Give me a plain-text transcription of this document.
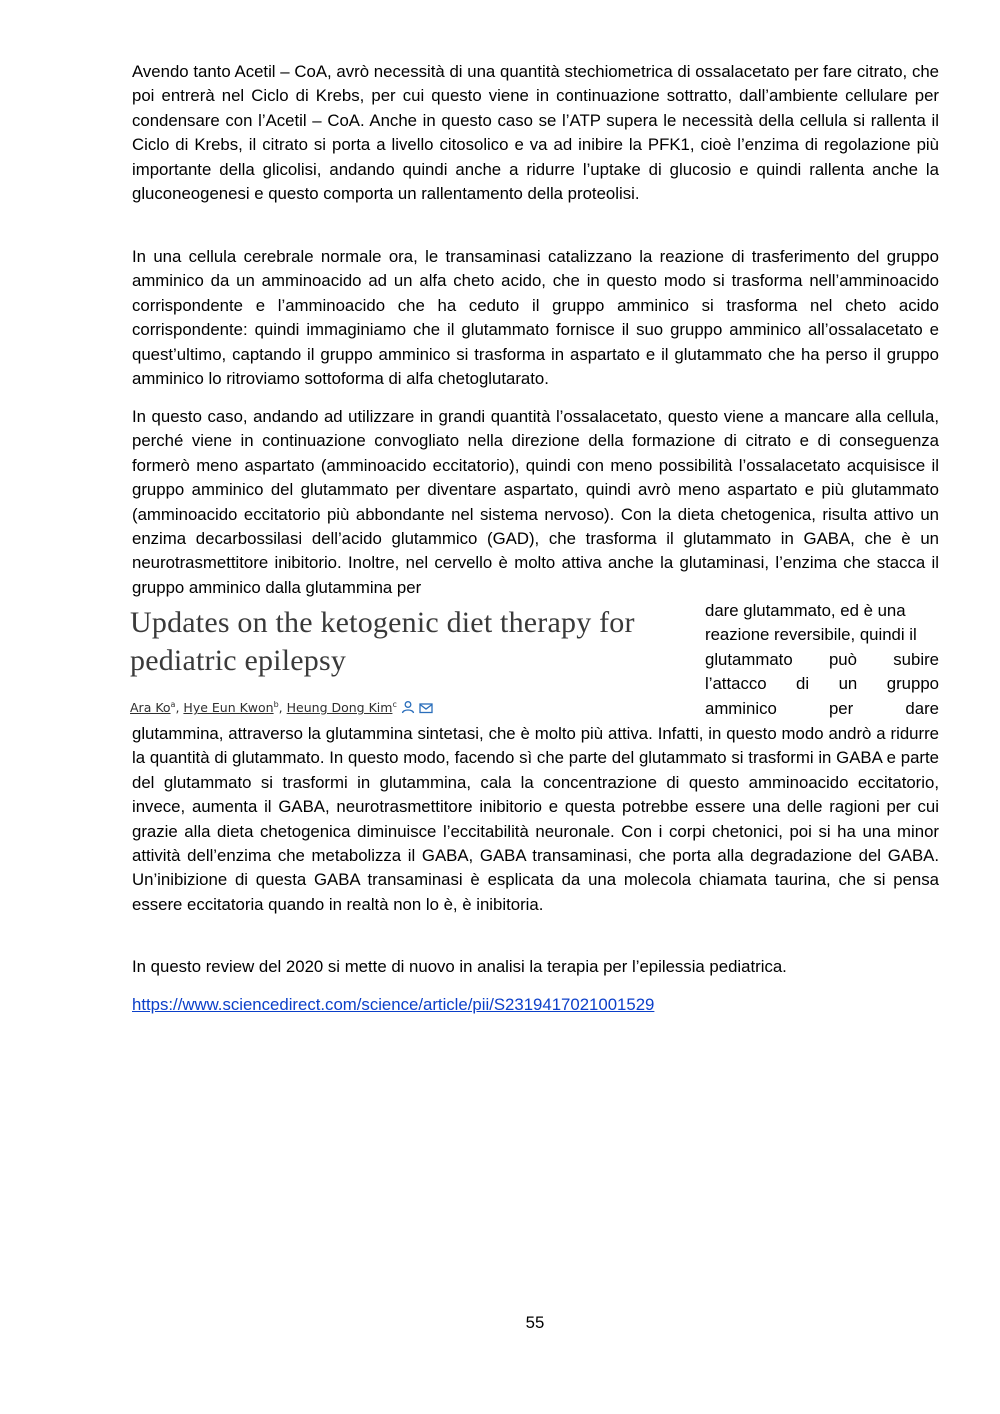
Avendo tanto Acetil – CoA, avrò necessità di una quantità stechiometrica di ossalacetato per fare citrato, che poi entrerà nel Ciclo di Krebs, per cui questo viene in continuazione sottratto, dall’ambiente cellulare per condensare con l’Acetil – CoA. Anche in questo caso se l’ATP supera le necessità della cellula si rallenta il Ciclo di Krebs, il citrato si porta a livello citosolico e va ad inibire la PFK1, cioè l’enzima di regolazione più importante della glicolisi, andando quindi anche a ridurre l’uptake di glucosio e quindi rallenta anche la gluconeogenesi e questo comporta un rallentamento della proteolisi.

In una cellula cerebrale normale ora, le transaminasi catalizzano la reazione di trasferimento del gruppo amminico da un amminoacido ad un alfa cheto acido, che in questo modo si trasforma nell’amminoacido corrispondente e l’amminoacido che ha ceduto il gruppo amminico si trasforma nel cheto acido corrispondente: quindi immaginiamo che il glutammato fornisce il suo gruppo amminico all’ossalacetato e quest’ultimo, captando il gruppo amminico si trasforma in aspartato e il glutammato che ha perso il gruppo amminico lo ritroviamo sottoforma di alfa chetoglutarato.

In questo caso, andando ad utilizzare in grandi quantità l’ossalacetato, questo viene a mancare alla cellula, perché viene in continuazione convogliato nella direzione della formazione di citrato e di conseguenza formerò meno aspartato (amminoacido eccitatorio), quindi con meno possibilità l’ossalacetato acquisisce il gruppo amminico del glutammato per diventare aspartato, quindi avrò meno aspartato e più glutammato (amminoacido eccitatorio più abbondante nel sistema nervoso). Con la dieta chetogenica, risulta attivo un enzima decarbossilasi dell’acido glutammico (GAD), che trasforma il glutammato in GABA, che è un neurotrasmettitore inibitorio. Inoltre, nel cervello è molto attiva anche la glutaminasi, l’enzima che stacca il gruppo amminico dalla glutammina per

Updates on the ketogenic diet therapy for
pediatric epilepsy

Ara Ko$^a$, Hye Eun Kwon$^b$, Heung Dong Kim$^c$
dare glutammato, ed è una
reazione reversibile, quindi il
glutammato può subire
l’attacco di un gruppo
amminico per dare

glutammina, attraverso la glutammina sintetasi, che è molto più attiva. Infatti, in questo modo andrò a ridurre la quantità di glutammato. In questo modo, facendo sì che parte del glutammato si trasformi in GABA e parte del glutammato si trasformi in glutammina, cala la concentrazione di questo amminoacido eccitatorio, invece, aumenta il GABA, neurotrasmettitore inibitorio e questa potrebbe essere una delle ragioni per cui grazie alla dieta chetogenica diminuisce l’eccitabilità neuronale. Con i corpi chetonici, poi si ha una minor attività dell’enzima che metabolizza il GABA, GABA transaminasi, che porta alla degradazione del GABA. Un’inibizione di questa GABA transaminasi è esplicata da una molecola chiamata taurina, che si pensa essere eccitatoria quando in realtà non lo è, è inibitoria.

In questo review del 2020 si mette di nuovo in analisi la terapia per l’epilessia pediatrica.

https://www.sciencedirect.com/science/article/pii/S2319417021001529
55
